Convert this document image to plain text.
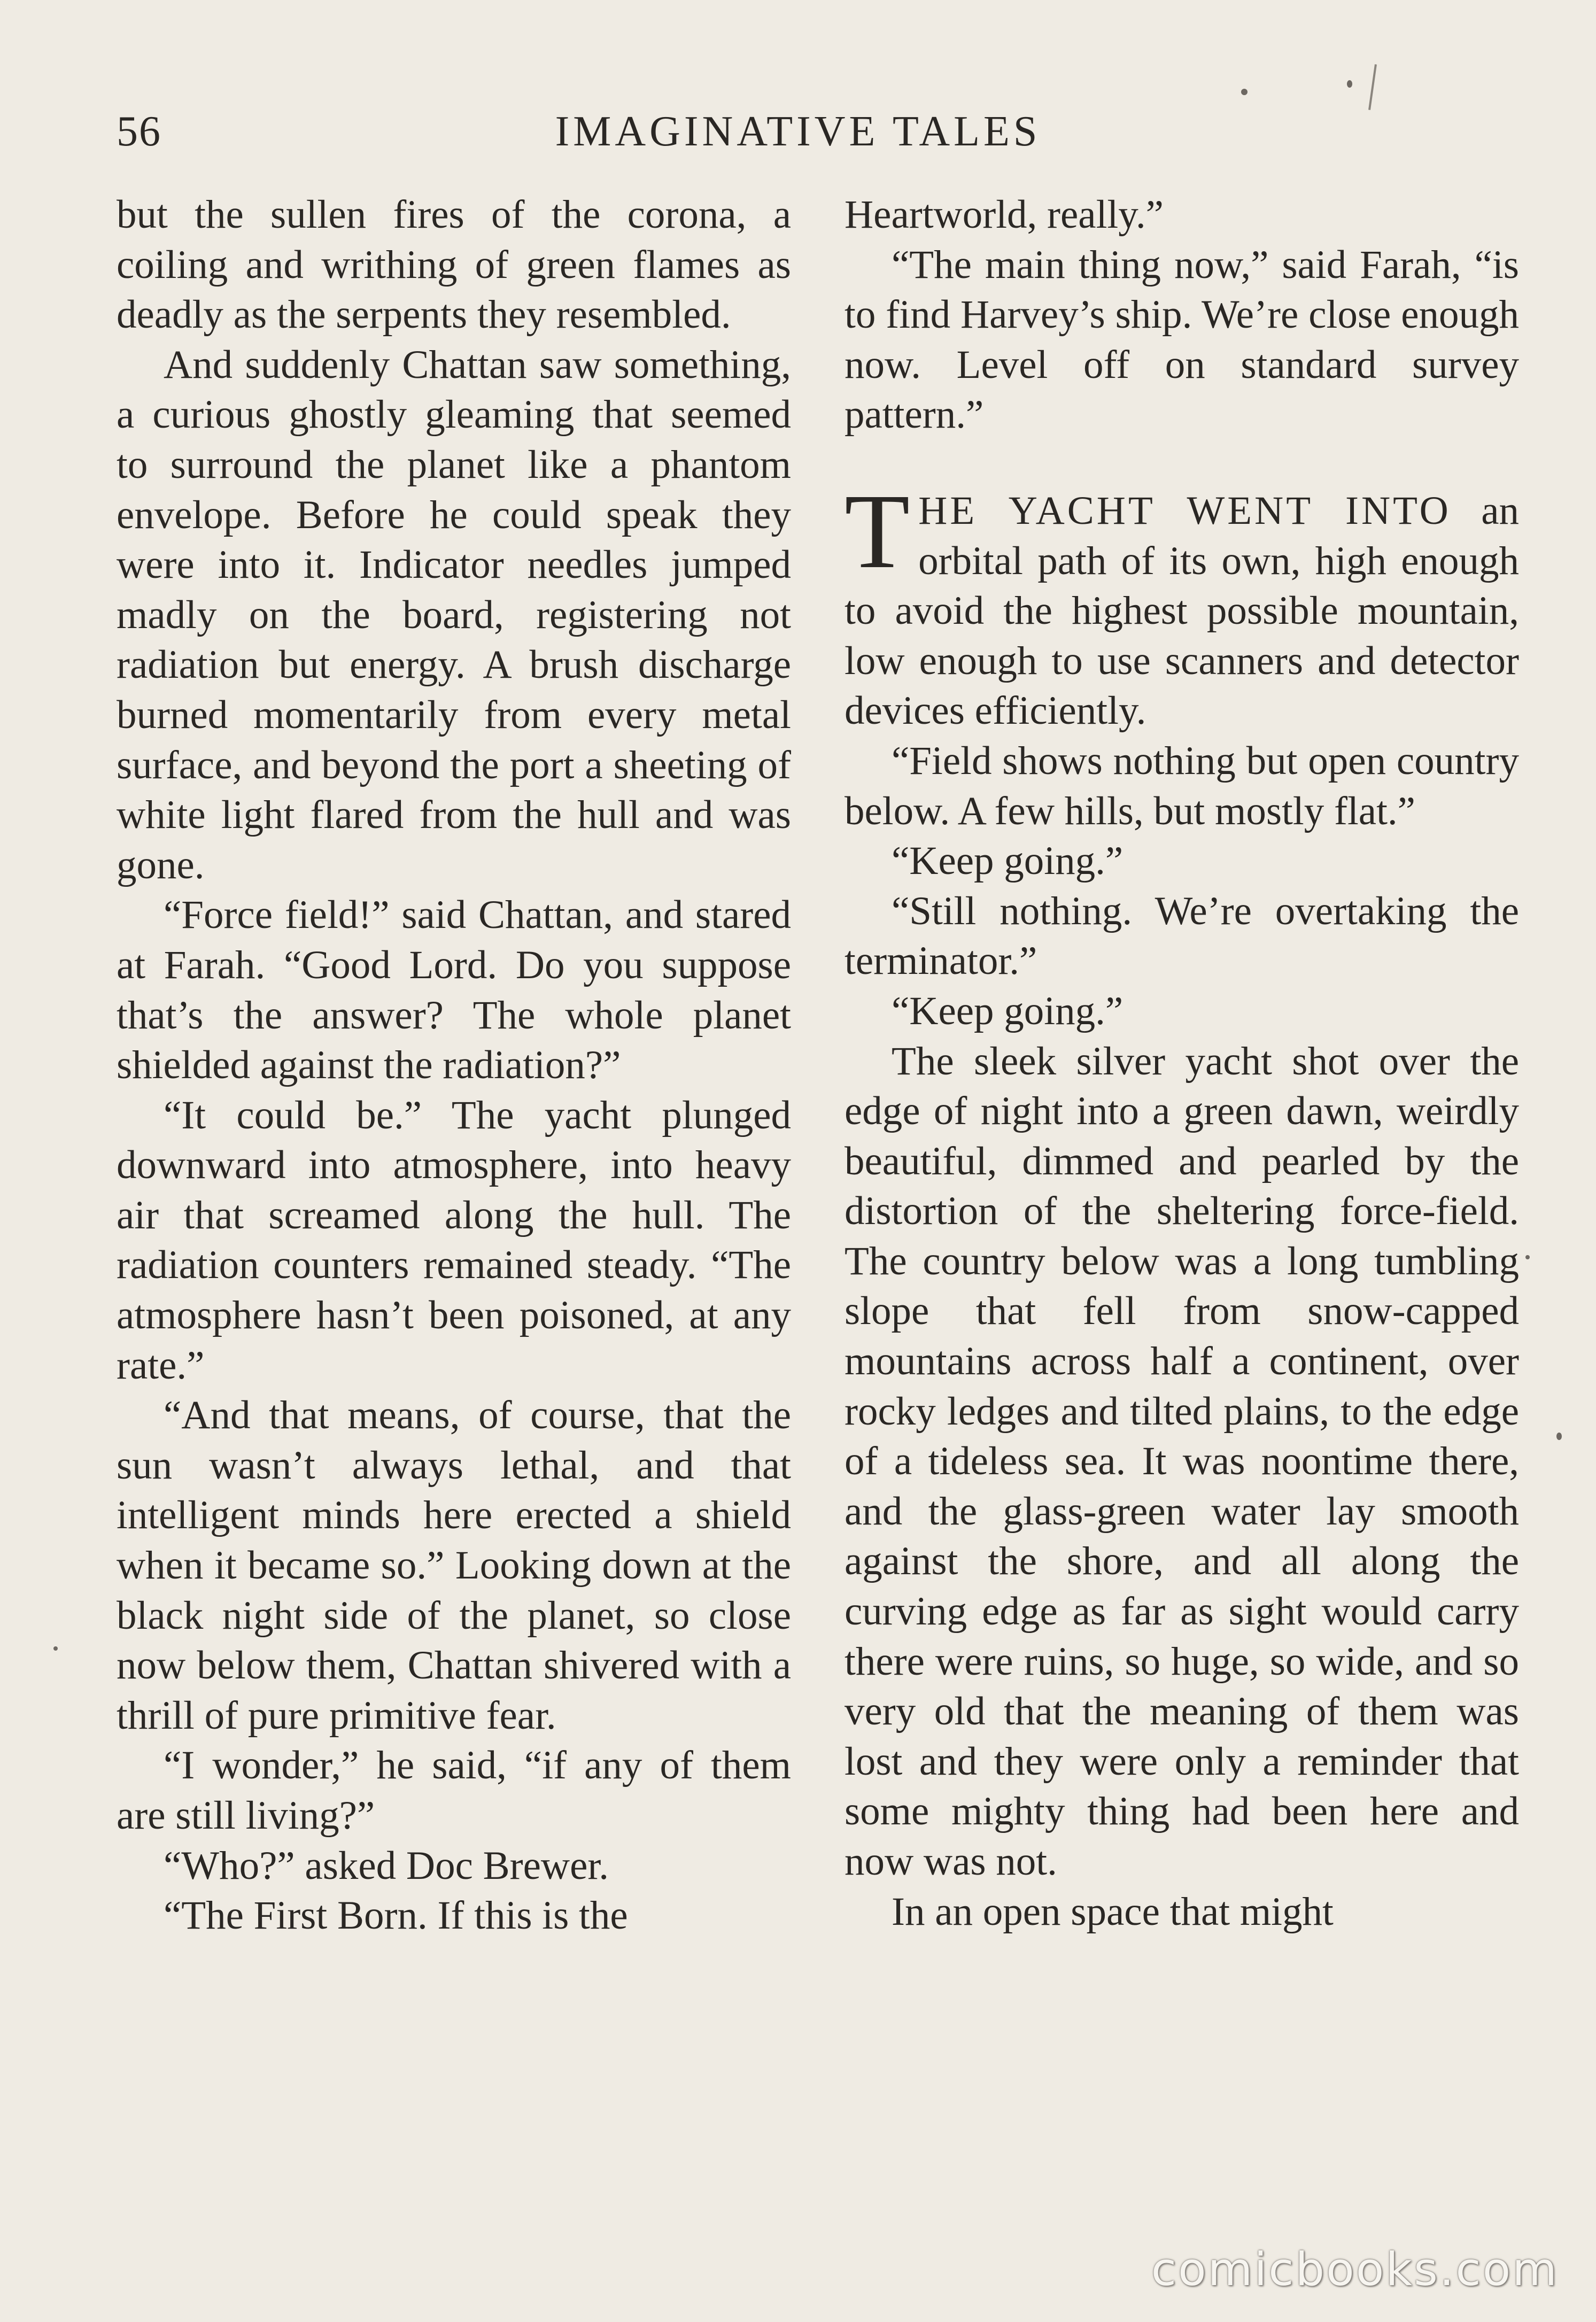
56	IMAGINATIVE TALES

but the sullen fires of the corona, a coiling and writhing of green flames as deadly as the serpents they resembled.

And suddenly Chattan saw something, a curious ghostly gleaming that seemed to surround the planet like a phantom envelope. Before he could speak they were into it. Indicator needles jumped madly on the board, registering not radiation but energy. A brush discharge burned momentarily from every metal surface, and beyond the port a sheeting of white light flared from the hull and was gone.

“Force field!” said Chattan, and stared at Farah. “Good Lord. Do you suppose that’s the answer? The whole planet shielded against the radiation?”

“It could be.” The yacht plunged downward into atmosphere, into heavy air that screamed along the hull. The radiation counters remained steady. “The atmosphere hasn’t been poisoned, at any rate.”

“And that means, of course, that the sun wasn’t always lethal, and that intelligent minds here erected a shield when it became so.” Looking down at the black night side of the planet, so close now below them, Chattan shivered with a thrill of pure primitive fear.

“I wonder,” he said, “if any of them are still living?”

“Who?” asked Doc Brewer.

“The First Born. If this is the

Heartworld, really.”

“The main thing now,” said Farah, “is to find Harvey’s ship. We’re close enough now. Level off on standard survey pattern.”

THE YACHT WENT INTO an orbital path of its own, high enough to avoid the highest possible mountain, low enough to use scanners and detector devices efficiently.

“Field shows nothing but open country below. A few hills, but mostly flat.”

“Keep going.”

“Still nothing. We’re overtaking the terminator.”

“Keep going.”

The sleek silver yacht shot over the edge of night into a green dawn, weirdly beautiful, dimmed and pearled by the distortion of the sheltering force-field. The country below was a long tumbling slope that fell from snow-capped mountains across half a continent, over rocky ledges and tilted plains, to the edge of a tideless sea. It was noontime there, and the glass-green water lay smooth against the shore, and all along the curving edge as far as sight would carry there were ruins, so huge, so wide, and so very old that the meaning of them was lost and they were only a reminder that some mighty thing had been here and now was not.

In an open space that might

comicbooks.com
